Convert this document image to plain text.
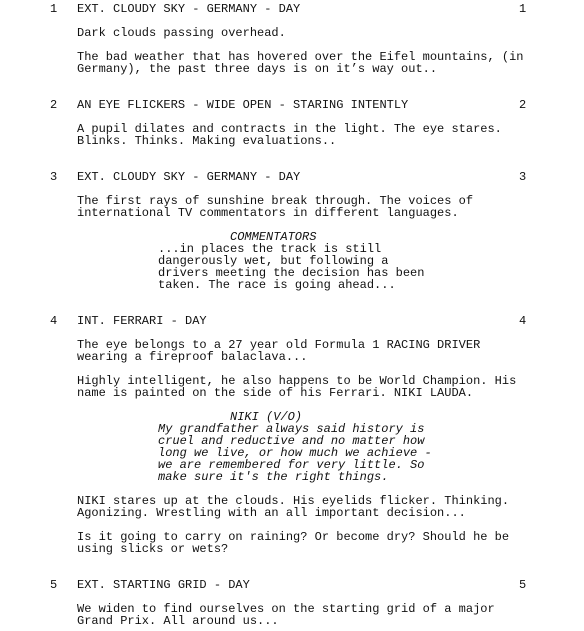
1	EXT. CLOUDY SKY - GERMANY - DAY	1
Dark clouds passing overhead.
The bad weather that has hovered over the Eifel mountains, (in
Germany), the past three days is on it’s way out..
2	AN EYE FLICKERS - WIDE OPEN - STARING INTENTLY	2
A pupil dilates and contracts in the light. The eye stares.
Blinks. Thinks. Making evaluations..
3	EXT. CLOUDY SKY - GERMANY - DAY	3
The first rays of sunshine break through. The voices of
international TV commentators in different languages.
COMMENTATORS
...in places the track is still
dangerously wet, but following a
drivers meeting the decision has been
taken. The race is going ahead...
4	INT. FERRARI - DAY	4
The eye belongs to a 27 year old Formula 1 RACING DRIVER
wearing a fireproof balaclava...
Highly intelligent, he also happens to be World Champion. His
name is painted on the side of his Ferrari. NIKI LAUDA.
NIKI (V/O)
My grandfather always said history is
cruel and reductive and no matter how
long we live, or how much we achieve -
we are remembered for very little. So
make sure it's the right things.
NIKI stares up at the clouds. His eyelids flicker. Thinking.
Agonizing. Wrestling with an all important decision...
Is it going to carry on raining? Or become dry? Should he be
using slicks or wets?
5	EXT. STARTING GRID - DAY	5
We widen to find ourselves on the starting grid of a major
Grand Prix. All around us...
